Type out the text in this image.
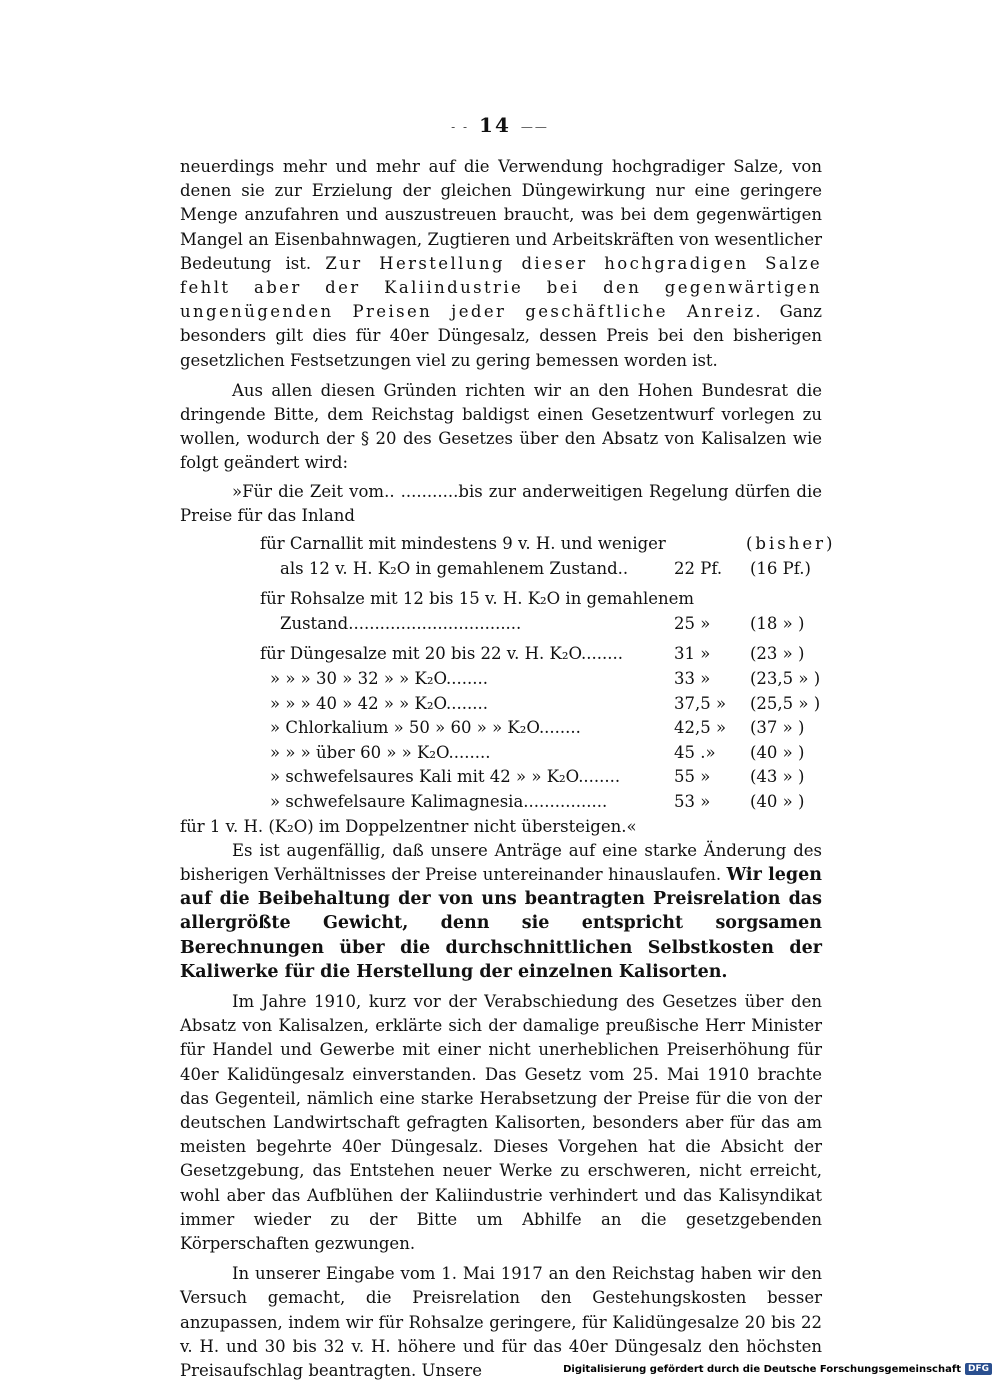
- - 14 ——

neuerdings mehr und mehr auf die Verwendung hochgradiger Salze, von denen sie zur Erzielung der gleichen Düngewirkung nur eine geringere Menge anzufahren und auszustreuen braucht, was bei dem gegenwärtigen Mangel an Eisenbahnwagen, Zugtieren und Arbeitskräften von wesentlicher Bedeutung ist. Zur Herstellung dieser hochgradigen Salze fehlt aber der Kaliindustrie bei den gegenwärtigen ungenügenden Preisen jeder geschäftliche Anreiz. Ganz besonders gilt dies für 40er Düngesalz, dessen Preis bei den bisherigen gesetzlichen Festsetzungen viel zu gering bemessen worden ist.

Aus allen diesen Gründen richten wir an den Hohen Bundesrat die dringende Bitte, dem Reichstag baldigst einen Gesetzentwurf vorlegen zu wollen, wodurch der § 20 des Gesetzes über den Absatz von Kalisalzen wie folgt geändert wird:

»Für die Zeit vom.. ...........bis zur anderweitigen Regelung dürfen die Preise für das Inland

für Carnallit mit mindestens 9 v. H. und weniger	(bisher)
als 12 v. H. K₂O in gemahlenem Zustand..	22 Pf.	(16 Pf.)
für Rohsalze mit 12 bis 15 v. H. K₂O in gemahlenem
Zustand.................................	25 »	(18 » )
für Düngesalze mit 20 bis 22 v. H. K₂O........	31 »	(23 » )
» » » 30 » 32 » » K₂O........	33 »	(23,5 » )
» » » 40 » 42 » » K₂O........	37,5 »	(25,5 » )
» Chlorkalium » 50 » 60 » » K₂O........	42,5 »	(37 » )
» » » über 60 » » K₂O........	45 .»	(40 » )
» schwefelsaures Kali mit 42 » » K₂O........	55 »	(43 » )
» schwefelsaure Kalimagnesia................	53 »	(40 » )

für 1 v. H. (K₂O) im Doppelzentner nicht übersteigen.«

Es ist augenfällig, daß unsere Anträge auf eine starke Änderung des bisherigen Verhältnisses der Preise untereinander hinauslaufen. Wir legen auf die Beibehaltung der von uns beantragten Preisrelation das allergrößte Gewicht, denn sie entspricht sorgsamen Berechnungen über die durchschnittlichen Selbstkosten der Kaliwerke für die Herstellung der einzelnen Kalisorten.

Im Jahre 1910, kurz vor der Verabschiedung des Gesetzes über den Absatz von Kalisalzen, erklärte sich der damalige preußische Herr Minister für Handel und Gewerbe mit einer nicht unerheblichen Preiserhöhung für 40er Kalidüngesalz einverstanden. Das Gesetz vom 25. Mai 1910 brachte das Gegenteil, nämlich eine starke Herabsetzung der Preise für die von der deutschen Landwirtschaft gefragten Kalisorten, besonders aber für das am meisten begehrte 40er Düngesalz. Dieses Vorgehen hat die Absicht der Gesetzgebung, das Entstehen neuer Werke zu erschweren, nicht erreicht, wohl aber das Aufblühen der Kaliindustrie verhindert und das Kalisyndikat immer wieder zu der Bitte um Abhilfe an die gesetzgebenden Körperschaften gezwungen.

In unserer Eingabe vom 1. Mai 1917 an den Reichstag haben wir den Versuch gemacht, die Preisrelation den Gestehungskosten besser anzupassen, indem wir für Rohsalze geringere, für Kalidüngesalze 20 bis 22 v. H. und 30 bis 32 v. H. höhere und für das 40er Düngesalz den höchsten Preisaufschlag beantragten. Unsere	Digitalisierung gefördert durch die Deutsche Forschungsgemeinschaft DFG
